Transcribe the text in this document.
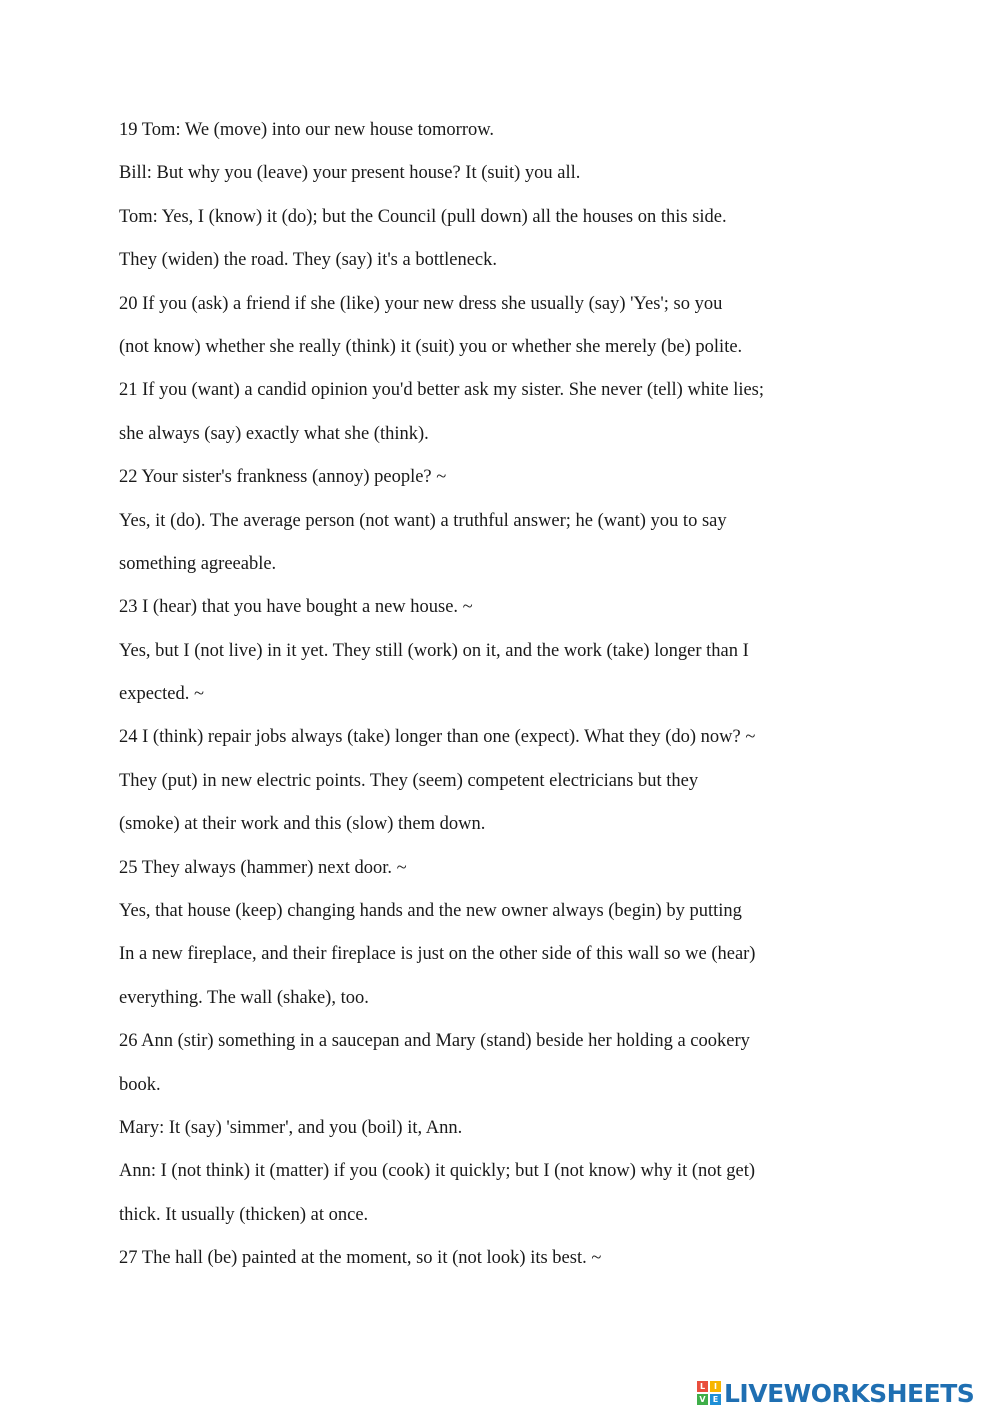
19 Tom: We (move) into our new house tomorrow.
Bill: But why you (leave) your present house? It (suit) you all.
Tom: Yes, I (know) it (do); but the Council (pull down) all the houses on this side.
They (widen) the road. They (say) it's a bottleneck.
20 If you (ask) a friend if she (like) your new dress she usually (say) 'Yes'; so you
(not know) whether she really (think) it (suit) you or whether she merely (be) polite.
21 If you (want) a candid opinion you'd better ask my sister. She never (tell) white lies;
she always (say) exactly what she (think).
22 Your sister's frankness (annoy) people? ~
Yes, it (do). The average person (not want) a truthful answer; he (want) you to say
something agreeable.
23 I (hear) that you have bought a new house. ~
Yes, but I (not live) in it yet. They still (work) on it, and the work (take) longer than I
expected. ~
24 I (think) repair jobs always (take) longer than one (expect). What they (do) now? ~
They (put) in new electric points. They (seem) competent electricians but they
(smoke) at their work and this (slow) them down.
25 They always (hammer) next door. ~
Yes, that house (keep) changing hands and the new owner always (begin) by putting
In a new fireplace, and their fireplace is just on the other side of this wall so we (hear)
everything. The wall (shake), too.
26 Ann (stir) something in a saucepan and Mary (stand) beside her holding a cookery
book.
Mary: It (say) 'simmer', and you (boil) it, Ann.
Ann: I (not think) it (matter) if you (cook) it quickly; but I (not know) why it (not get)
thick. It usually (thicken) at once.
27 The hall (be) painted at the moment, so it (not look) its best. ~
L	I
V E LIVEWORKSHEETS
